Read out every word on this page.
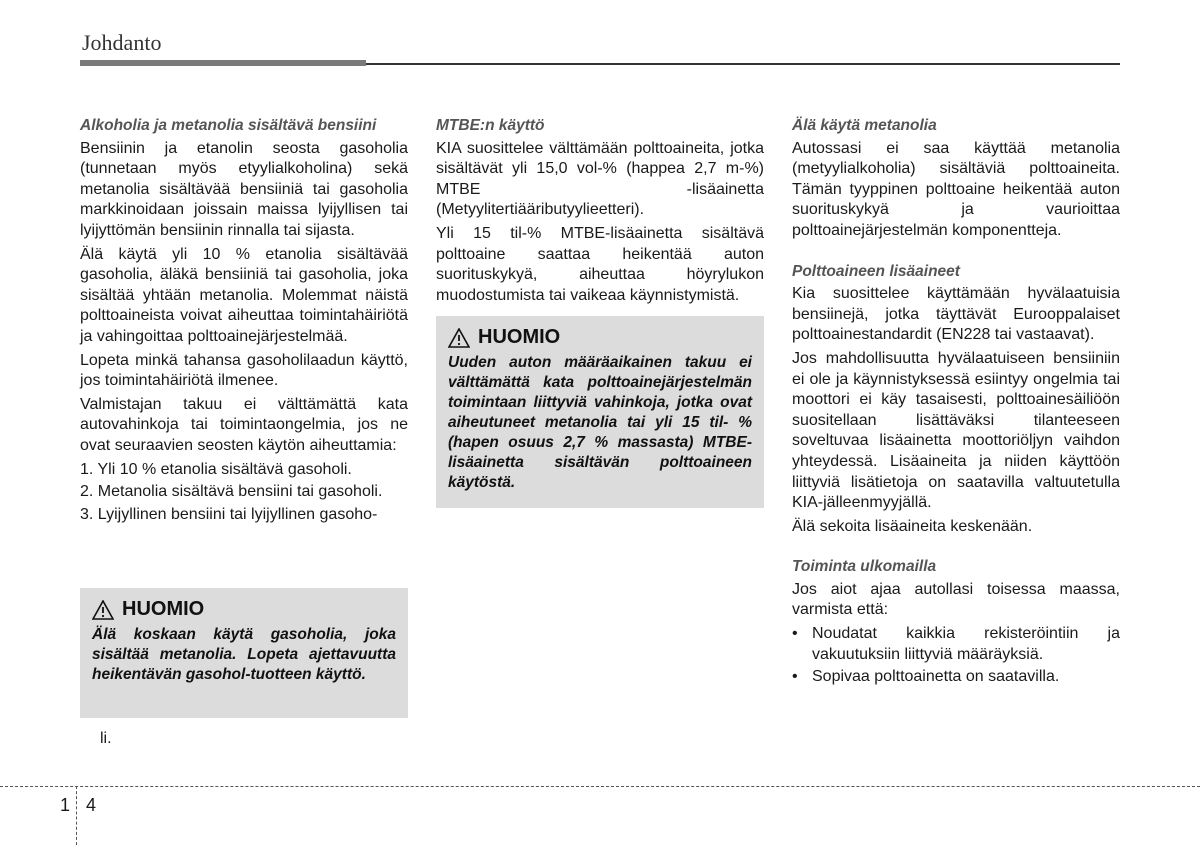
Johdanto

Alkoholia ja metanolia sisältävä bensiini

Bensiinin ja etanolin seosta gasoholia (tunnetaan myös etyylialkoholina) sekä metanolia sisältävää bensiiniä tai gasoholia markkinoidaan joissain maissa lyijyllisen tai lyijyttömän bensiinin rinnalla tai sijasta.

Älä käytä yli 10 % etanolia sisältävää gasoholia, äläkä bensiiniä tai gasoholia, joka sisältää yhtään metanolia. Molemmat näistä polttoaineista voivat aiheuttaa toimintahäiriötä ja vahingoittaa polttoainejärjestelmää.

Lopeta minkä tahansa gasoholilaadun käyttö, jos toimintahäiriötä ilmenee.

Valmistajan takuu ei välttämättä kata autovahinkoja tai toimintaongelmia, jos ne ovat seuraavien seosten käytön aiheuttamia:

1. Yli 10 % etanolia sisältävä gasoholi.
2. Metanolia sisältävä bensiini tai gasoholi.
3. Lyijyllinen bensiini tai lyijyllinen gasoho-
HUOMIO
Älä koskaan käytä gasoholia, joka sisältää metanolia. Lopeta ajettavuutta heikentävän gasohol-tuotteen käyttö.
li.

MTBE:n käyttö

KIA suosittelee välttämään polttoaineita, jotka sisältävät yli 15,0 vol-% (happea 2,7 m-%) MTBE -lisäainetta (Metyylitertiääributyylieetteri).

Yli 15 til-% MTBE-lisäainetta sisältävä polttoaine saattaa heikentää auton suorituskykyä, aiheuttaa höyrylukon muodostumista tai vaikeaa käynnistymistä.

HUOMIO
Uuden auton määräaikainen takuu ei välttämättä kata polttoainejärjestelmän toimintaan liittyviä vahinkoja, jotka ovat aiheutuneet metanolia tai yli 15 til- % (hapen osuus 2,7 % massasta) MTBE-lisäainetta sisältävän polttoaineen käytöstä.

Älä käytä metanolia

Autossasi ei saa käyttää metanolia (metyylialkoholia) sisältäviä polttoaineita. Tämän tyyppinen polttoaine heikentää auton suorituskykyä ja vaurioittaa polttoainejärjestelmän komponentteja.

Polttoaineen lisäaineet

Kia suosittelee käyttämään hyvälaatuisia bensiinejä, jotka täyttävät Eurooppalaiset polttoainestandardit (EN228 tai vastaavat).

Jos mahdollisuutta hyvälaatuiseen bensiiniin ei ole ja käynnistyksessä esiintyy ongelmia tai moottori ei käy tasaisesti, polttoainesäiliöön suositellaan lisättäväksi tilanteeseen soveltuvaa lisäainetta moottoriöljyn vaihdon yhteydessä. Lisäaineita ja niiden käyttöön liittyviä lisätietoja on saatavilla valtuutetulla KIA-jälleenmyyjällä.

Älä sekoita lisäaineita keskenään.

Toiminta ulkomailla

Jos aiot ajaa autollasi toisessa maassa, varmista että:

• Noudatat kaikkia rekisteröintiin ja vakuutuksiin liittyviä määräyksiä.
• Sopivaa polttoainetta on saatavilla.
1 4
